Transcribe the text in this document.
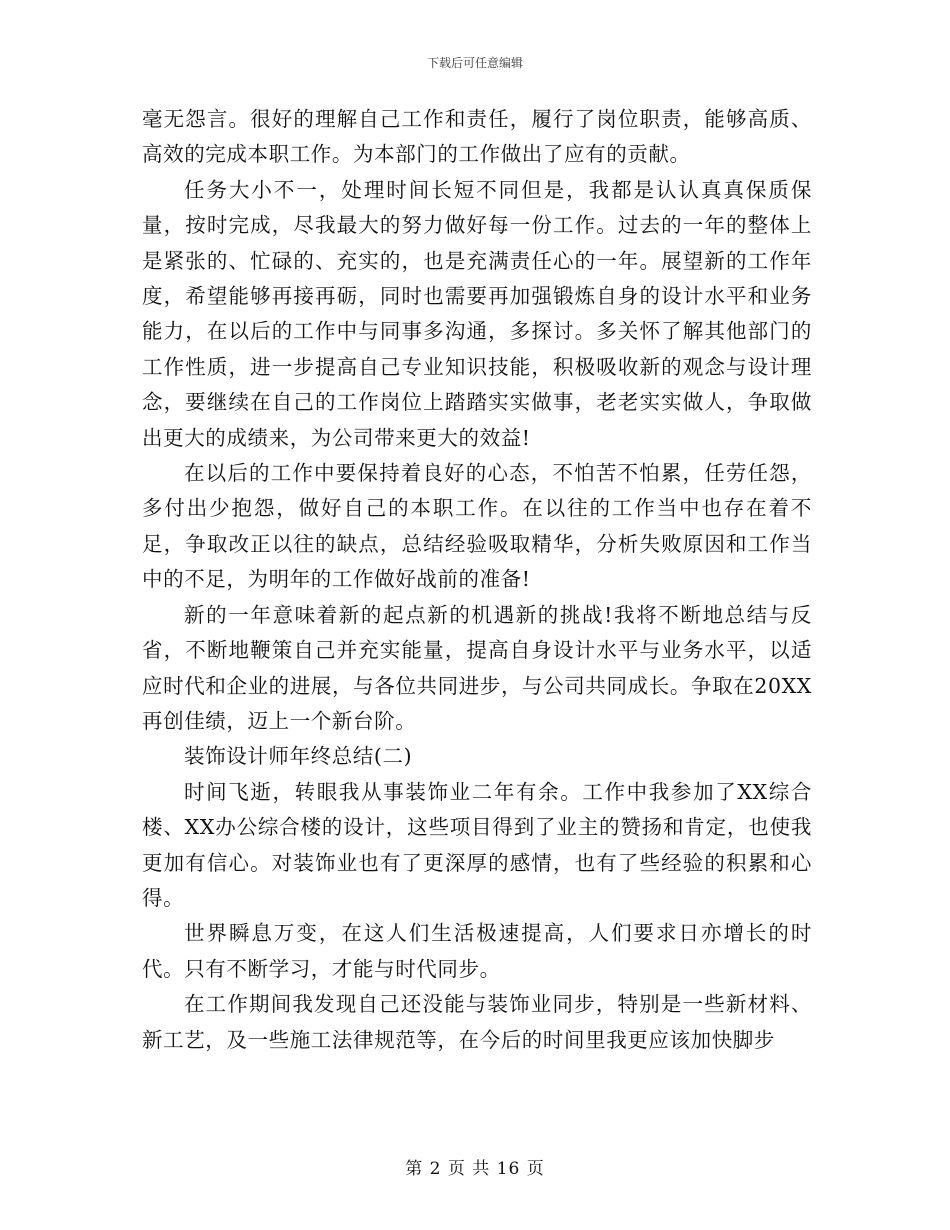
下载后可任意编辑

毫无怨言。很好的理解自己工作和责任，履行了岗位职责，能够高质、高效的完成本职工作。为本部门的工作做出了应有的贡献。

任务大小不一，处理时间长短不同但是，我都是认认真真保质保量，按时完成，尽我最大的努力做好每一份工作。过去的一年的整体上是紧张的、忙碌的、充实的，也是充满责任心的一年。展望新的工作年度，希望能够再接再砺，同时也需要再加强锻炼自身的设计水平和业务能力，在以后的工作中与同事多沟通，多探讨。多关怀了解其他部门的工作性质，进一步提高自己专业知识技能，积极吸收新的观念与设计理念，要继续在自己的工作岗位上踏踏实实做事，老老实实做人，争取做出更大的成绩来，为公司带来更大的效益!

在以后的工作中要保持着良好的心态，不怕苦不怕累，任劳任怨，多付出少抱怨，做好自己的本职工作。在以往的工作当中也存在着不足，争取改正以往的缺点，总结经验吸取精华，分析失败原因和工作当中的不足，为明年的工作做好战前的准备!

新的一年意味着新的起点新的机遇新的挑战!我将不断地总结与反省，不断地鞭策自己并充实能量，提高自身设计水平与业务水平，以适应时代和企业的进展，与各位共同进步，与公司共同成长。争取在20XX再创佳绩，迈上一个新台阶。

装饰设计师年终总结(二)

时间飞逝，转眼我从事装饰业二年有余。工作中我参加了XX综合楼、XX办公综合楼的设计，这些项目得到了业主的赞扬和肯定，也使我更加有信心。对装饰业也有了更深厚的感情，也有了些经验的积累和心得。

世界瞬息万变，在这人们生活极速提高，人们要求日亦增长的时代。只有不断学习，才能与时代同步。

在工作期间我发现自己还没能与装饰业同步，特别是一些新材料、新工艺，及一些施工法律规范等，在今后的时间里我更应该加快脚步

第 2 页 共 16 页
